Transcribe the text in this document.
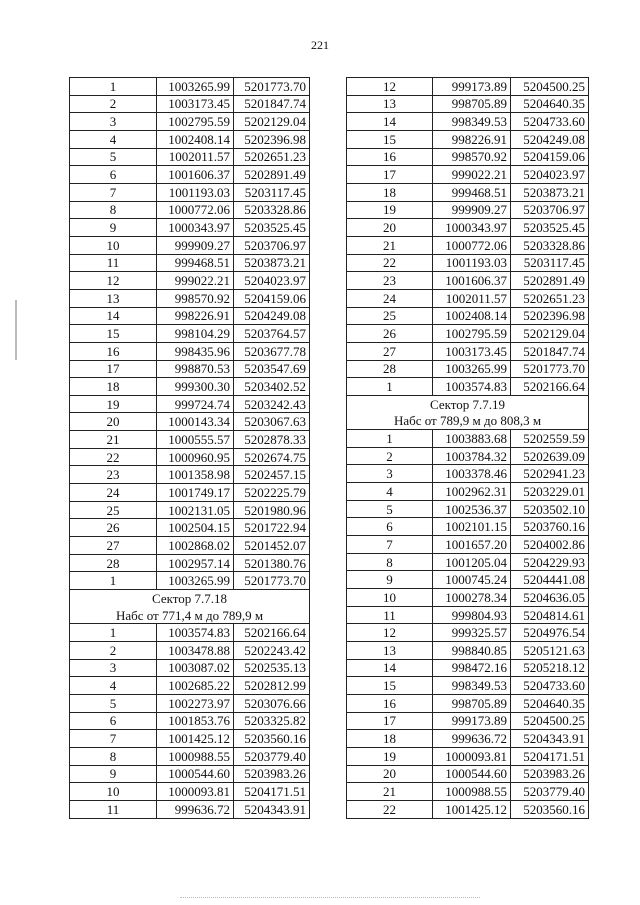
221
1	1003265.99	5201773.70
2	1003173.45	5201847.74
3	1002795.59	5202129.04
4	1002408.14	5202396.98
5	1002011.57	5202651.23
6	1001606.37	5202891.49
7	1001193.03	5203117.45
8	1000772.06	5203328.86
9	1000343.97	5203525.45
10	999909.27	5203706.97
11	999468.51	5203873.21
12	999022.21	5204023.97
13	998570.92	5204159.06
14	998226.91	5204249.08
15	998104.29	5203764.57
16	998435.96	5203677.78
17	998870.53	5203547.69
18	999300.30	5203402.52
19	999724.74	5203242.43
20	1000143.34	5203067.63
21	1000555.57	5202878.33
22	1000960.95	5202674.75
23	1001358.98	5202457.15
24	1001749.17	5202225.79
25	1002131.05	5201980.96
26	1002504.15	5201722.94
27	1002868.02	5201452.07
28	1002957.14	5201380.76
1	1003265.99	5201773.70
Сектор 7.7.18		
Набс от 771,4 м до 789,9 м		
1	1003574.83	5202166.64
2	1003478.88	5202243.42
3	1003087.02	5202535.13
4	1002685.22	5202812.99
5	1002273.97	5203076.66
6	1001853.76	5203325.82
7	1001425.12	5203560.16
8	1000988.55	5203779.40
9	1000544.60	5203983.26
10	1000093.81	5204171.51
11	999636.72	5204343.91
12	999173.89	5204500.25
13	998705.89	5204640.35
14	998349.53	5204733.60
15	998226.91	5204249.08
16	998570.92	5204159.06
17	999022.21	5204023.97
18	999468.51	5203873.21
19	999909.27	5203706.97
20	1000343.97	5203525.45
21	1000772.06	5203328.86
22	1001193.03	5203117.45
23	1001606.37	5202891.49
24	1002011.57	5202651.23
25	1002408.14	5202396.98
26	1002795.59	5202129.04
27	1003173.45	5201847.74
28	1003265.99	5201773.70
1	1003574.83	5202166.64
Сектор 7.7.19		
Набс от 789,9 м до 808,3 м		
1	1003883.68	5202559.59
2	1003784.32	5202639.09
3	1003378.46	5202941.23
4	1002962.31	5203229.01
5	1002536.37	5203502.10
6	1002101.15	5203760.16
7	1001657.20	5204002.86
8	1001205.04	5204229.93
9	1000745.24	5204441.08
10	1000278.34	5204636.05
11	999804.93	5204814.61
12	999325.57	5204976.54
13	998840.85	5205121.63
14	998472.16	5205218.12
15	998349.53	5204733.60
16	998705.89	5204640.35
17	999173.89	5204500.25
18	999636.72	5204343.91
19	1000093.81	5204171.51
20	1000544.60	5203983.26
21	1000988.55	5203779.40
22	1001425.12	5203560.16
